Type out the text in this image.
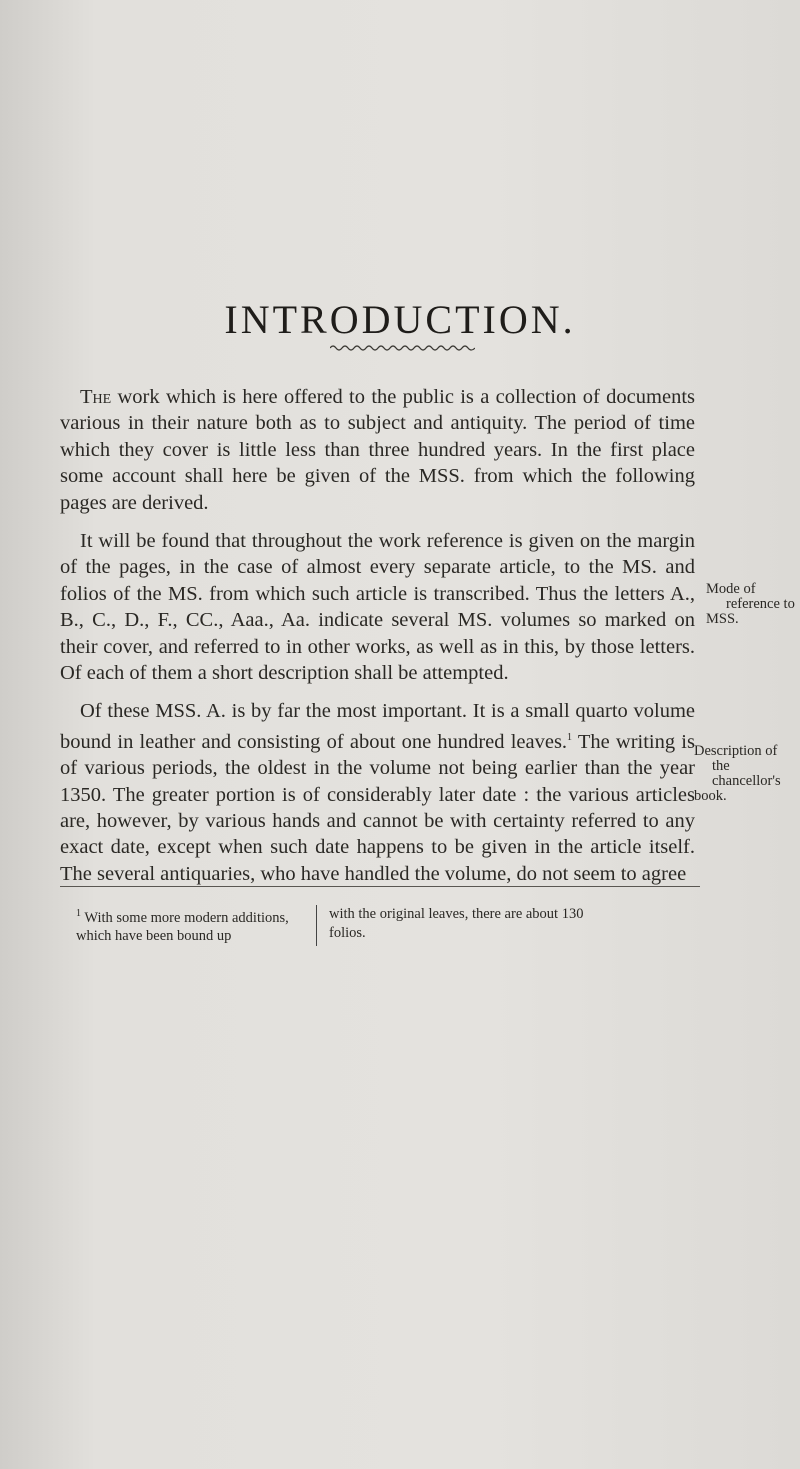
INTRODUCTION.

The work which is here offered to the public is a collection of documents various in their nature both as to subject and antiquity. The period of time which they cover is little less than three hundred years. In the first place some account shall here be given of the MSS. from which the following pages are derived.

It will be found that throughout the work reference is given on the margin of the pages, in the case of almost every separate article, to the MS. and folios of the MS. from which such article is transcribed. Thus the letters A., B., C., D., F., CC., Aaa., Aa. indicate several MS. volumes so marked on their cover, and referred to in other works, as well as in this, by those letters. Of each of them a short description shall be attempted.

Of these MSS. A. is by far the most important. It is a small quarto volume bound in leather and consisting of about one hundred leaves.$^1$ The writing is of various periods, the oldest in the volume not being earlier than the year 1350. The greater portion is of considerably later date : the various articles are, however, by various hands and cannot be with certainty referred to any exact date, except when such date happens to be given in the article itself. The several antiquaries, who have handled the volume, do not seem to agree

Mode of
reference to
MSS.
Description of
the chancellor's
book.
$^1$ With some more modern additions, which have been bound up
with the original leaves, there are about 130 folios.
